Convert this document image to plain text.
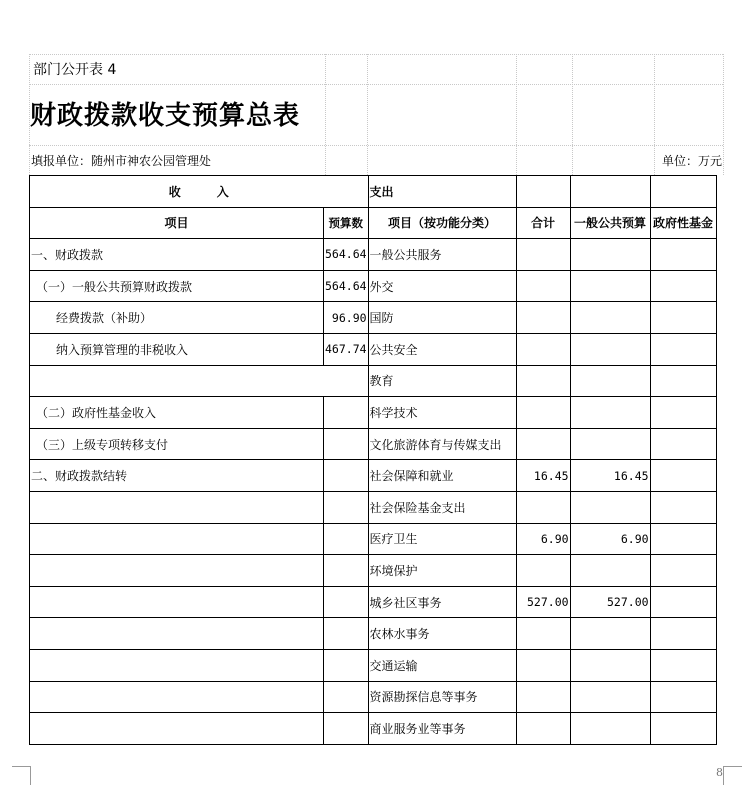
部门公开表 4
财政拨款收支预算总表
填报单位：随州市神农公园管理处	单位：万元
收　　　入		支出			
项目	预算数	项目（按功能分类）	合计	一般公共预算	政府性基金
一、财政拨款	564.64	一般公共服务			
（一）一般公共预算财政拨款	564.64	外交			
经费拨款（补助）	96.90	国防			
纳入预算管理的非税收入	467.74	公共安全			
		教育			
（二）政府性基金收入		科学技术			
（三）上级专项转移支付		文化旅游体育与传媒支出			
二、财政拨款结转		社会保障和就业	16.45	16.45	
		社会保险基金支出			
		医疗卫生	6.90	6.90	
		环境保护			
		城乡社区事务	527.00	527.00	
		农林水事务			
		交通运输			
		资源勘探信息等事务			
		商业服务业等事务			
8
